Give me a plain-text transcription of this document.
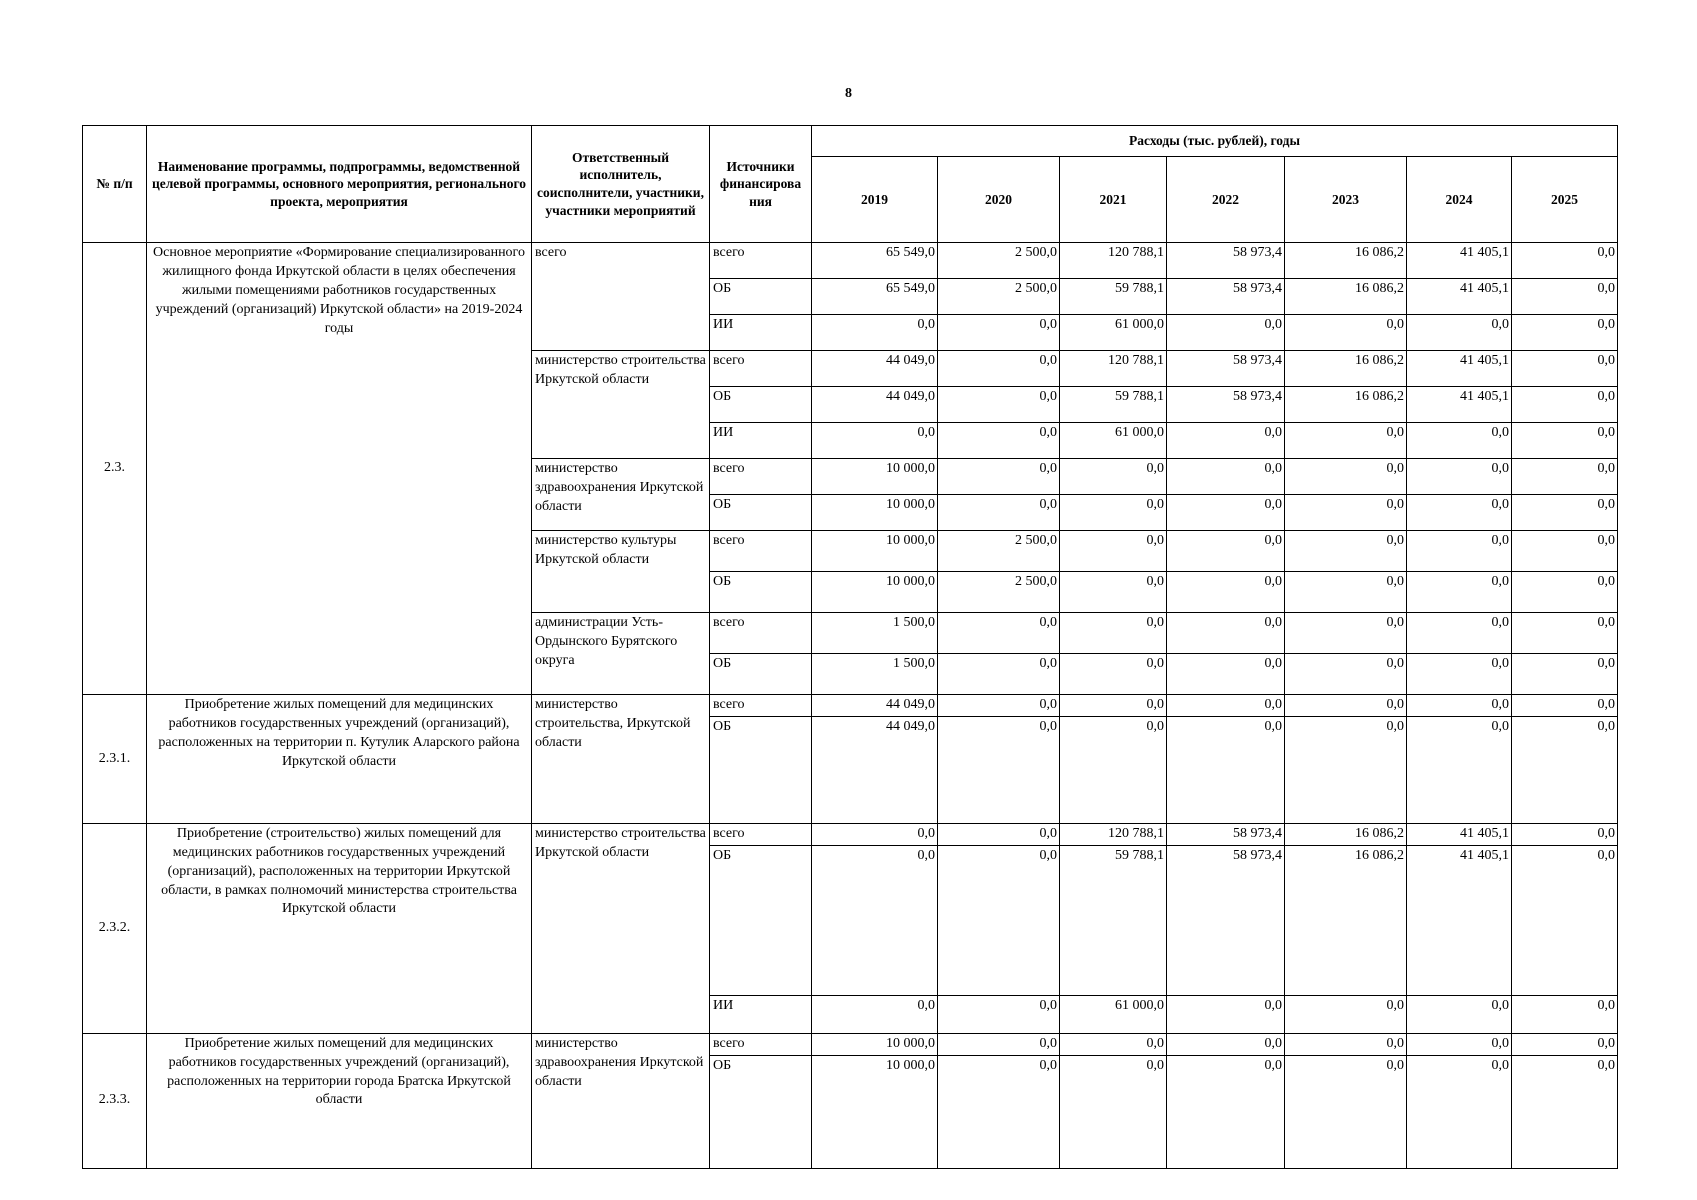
8
№ п/п	Наименование программы, подпрограммы, ведомственной целевой программы, основного мероприятия, регионального проекта, мероприятия	Ответственный исполнитель, соисполнители, участники, участники мероприятий	Источники финансирова ния	Расходы (тыс. рублей), годы						
				2019	2020	2021	2022	2023	2024	2025
2.3.	Основное мероприятие «Формирование специализированного жилищного фонда Иркутской области в целях обеспечения жилыми помещениями работников государственных учреждений (организаций) Иркутской области» на 2019-2024 годы	всего	всего	65 549,0	2 500,0	120 788,1	58 973,4	16 086,2	41 405,1	0,0
			ОБ	65 549,0	2 500,0	59 788,1	58 973,4	16 086,2	41 405,1	0,0
			ИИ	0,0	0,0	61 000,0	0,0	0,0	0,0	0,0
		министерство строительства Иркутской области	всего	44 049,0	0,0	120 788,1	58 973,4	16 086,2	41 405,1	0,0
			ОБ	44 049,0	0,0	59 788,1	58 973,4	16 086,2	41 405,1	0,0
			ИИ	0,0	0,0	61 000,0	0,0	0,0	0,0	0,0
		министерство здравоохранения Иркутской области	всего	10 000,0	0,0	0,0	0,0	0,0	0,0	0,0
			ОБ	10 000,0	0,0	0,0	0,0	0,0	0,0	0,0
		министерство культуры Иркутской области	всего	10 000,0	2 500,0	0,0	0,0	0,0	0,0	0,0
			ОБ	10 000,0	2 500,0	0,0	0,0	0,0	0,0	0,0
		администрации Усть-Ордынского Бурятского округа	всего	1 500,0	0,0	0,0	0,0	0,0	0,0	0,0
			ОБ	1 500,0	0,0	0,0	0,0	0,0	0,0	0,0
2.3.1.	Приобретение жилых помещений для медицинских работников государственных учреждений (организаций), расположенных на территории п. Кутулик Аларского района Иркутской области	министерство строительства, Иркутской области	всего	44 049,0	0,0	0,0	0,0	0,0	0,0	0,0
			ОБ	44 049,0	0,0	0,0	0,0	0,0	0,0	0,0
2.3.2.	Приобретение (строительство) жилых помещений для медицинских работников государственных учреждений (организаций), расположенных на территории Иркутской области, в рамках полномочий министерства строительства Иркутской области	министерство строительства Иркутской области	всего	0,0	0,0	120 788,1	58 973,4	16 086,2	41 405,1	0,0
			ОБ	0,0	0,0	59 788,1	58 973,4	16 086,2	41 405,1	0,0
			ИИ	0,0	0,0	61 000,0	0,0	0,0	0,0	0,0
2.3.3.	Приобретение жилых помещений для медицинских работников государственных учреждений (организаций), расположенных на территории города Братска Иркутской области	министерство здравоохранения Иркутской области	всего	10 000,0	0,0	0,0	0,0	0,0	0,0	0,0
			ОБ	10 000,0	0,0	0,0	0,0	0,0	0,0	0,0
